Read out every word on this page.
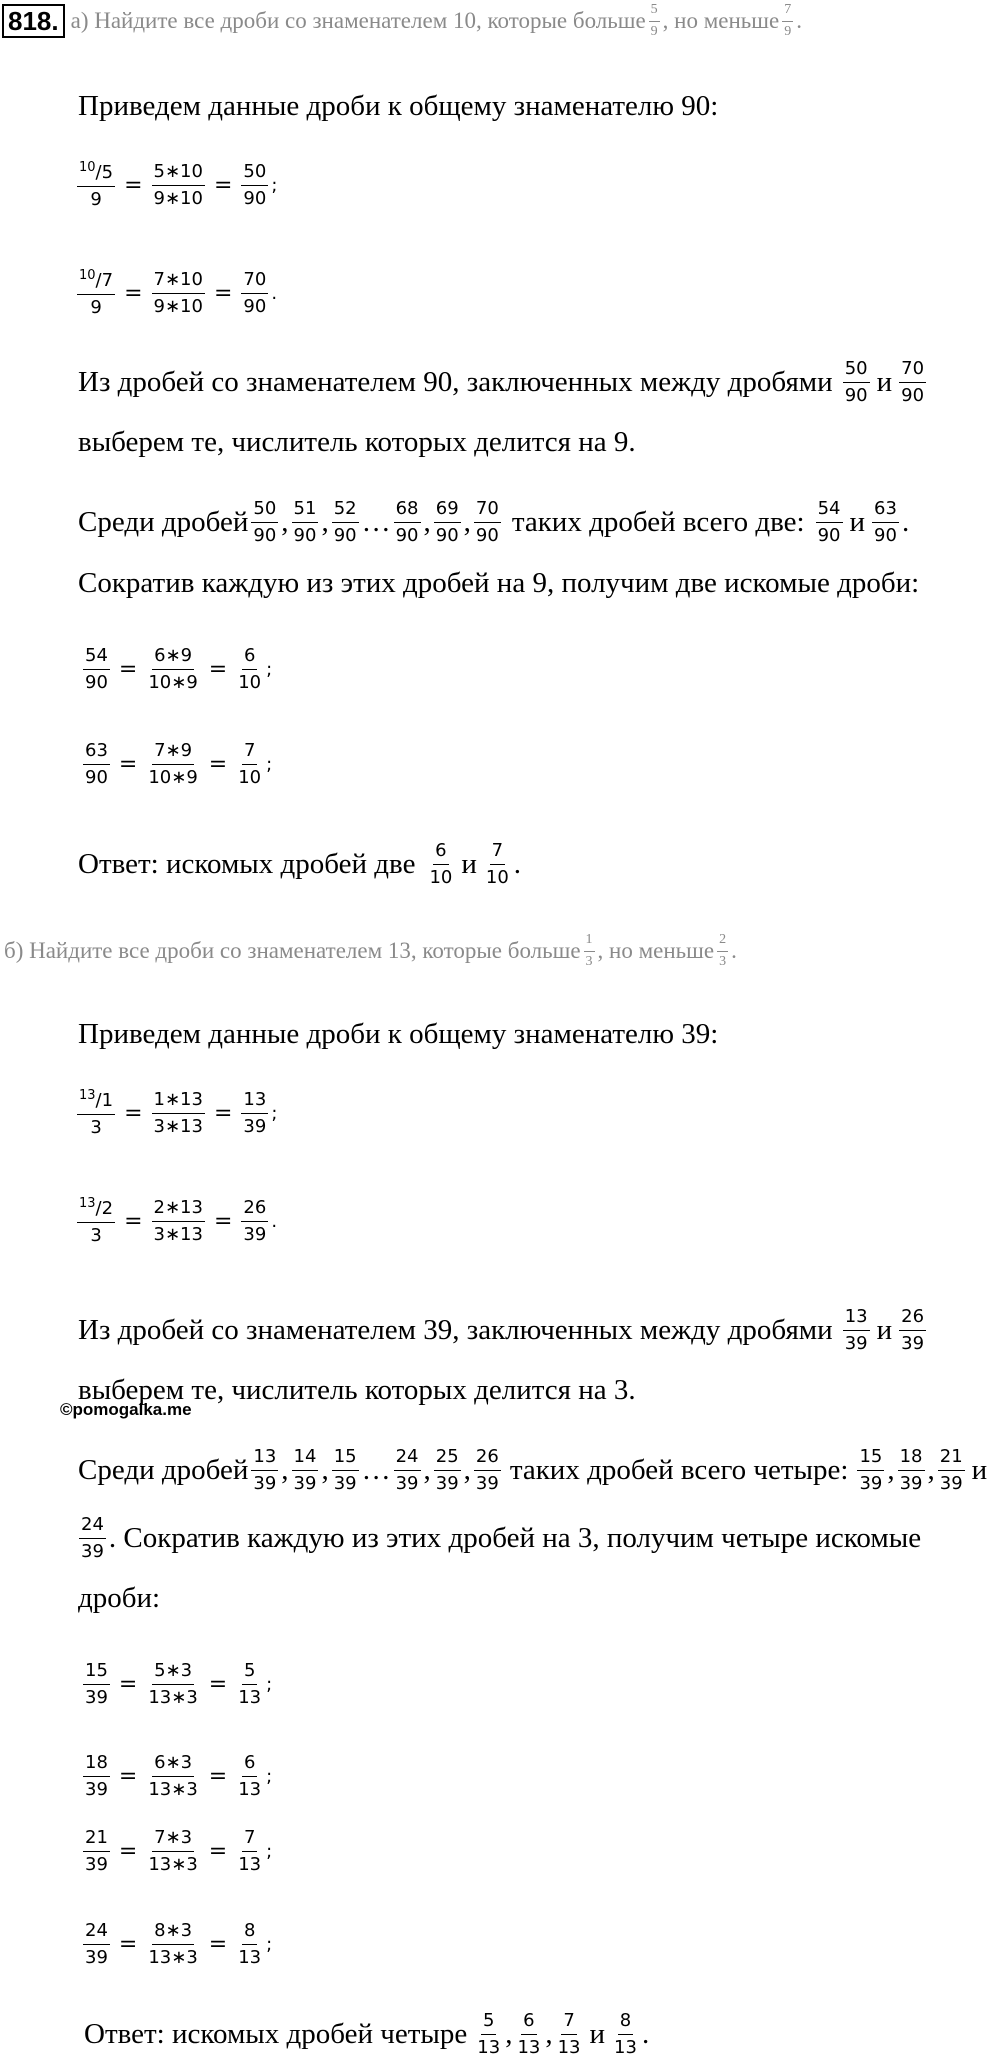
818. а) Найдите все дроби со знаменателем 10, которые больше 5
9 , но меньше 7
9 .
Приведем данные дроби к общему знаменателю 90:
$\frac{^{10}/5}{9} = \frac{5∗10}{9∗10} = \frac{50}{90}$ ;
$\frac{^{10}/7}{9} = \frac{7∗10}{9∗10} = \frac{70}{90}$ .
Из дробей со знаменателем 90, заключенных между дробями 50
90 и 70
90
выберем те, числитель которых делится на 9.
Среди дробей 50
90 , 51
90 , 52
90 … 68
90 , 69
90 , 70
90 таких дробей всего две: 54
90 и 63
90 .
Сократив каждую из этих дробей на 9, получим две искомые дроби:
$\frac{54}{90} = \frac{6∗9}{10∗9} = \frac{6}{10}$ ;
$\frac{63}{90} = \frac{7∗9}{10∗9} = \frac{7}{10}$ ;
Ответ: искомых дробей две 6
10 и 7
10 .
б) Найдите все дроби со знаменателем 13, которые больше 1
3 , но меньше 2
3 .
Приведем данные дроби к общему знаменателю 39:
$\frac{^{13}/1}{3} = \frac{1∗13}{3∗13} = \frac{13}{39}$ ;
$\frac{^{13}/2}{3} = \frac{2∗13}{3∗13} = \frac{26}{39}$ .
Из дробей со знаменателем 39, заключенных между дробями 13
39 и 26
39
выберем те, числитель которых делится на 3.
©pomogalka.me
Среди дробей 13
39 , 14
39 , 15
39 … 24
39 , 25
39 , 26
39 таких дробей всего четыре: 15
39 , 18
39 , 21
39 и
24
39 . Сократив каждую из этих дробей на 3, получим четыре искомые
дроби:
$\frac{15}{39} = \frac{5∗3}{13∗3} = \frac{5}{13}$ ;
$\frac{18}{39} = \frac{6∗3}{13∗3} = \frac{6}{13}$ ;
$\frac{21}{39} = \frac{7∗3}{13∗3} = \frac{7}{13}$ ;
$\frac{24}{39} = \frac{8∗3}{13∗3} = \frac{8}{13}$ ;
Ответ: искомых дробей четыре 5
13 , 6
13 , 7
13 и 8
13 .
